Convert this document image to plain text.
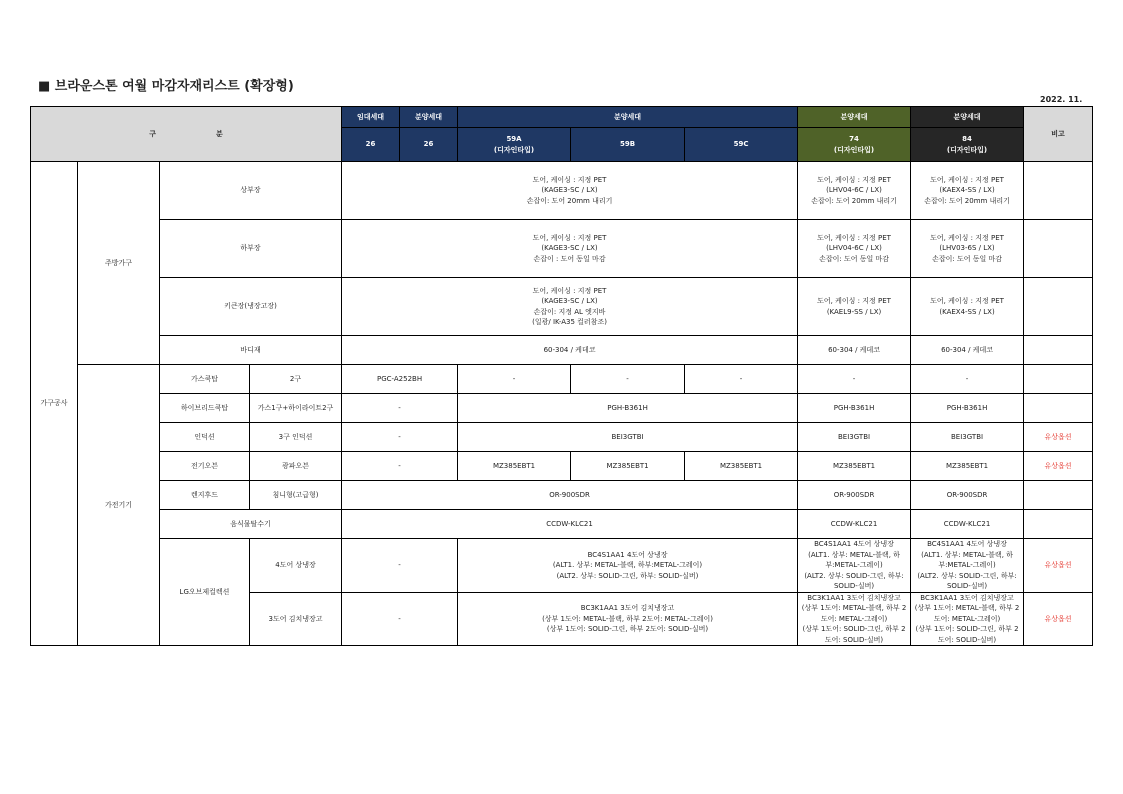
■ 브라운스톤 여월 마감자재리스트 (확장형)
2022. 11.
구분				임대세대	분양세대	분양세대			분양세대	분양세대	비고
				26	26	59A
(디자인타입)	59B	59C	74
(디자인타입)	84
(디자인타입)	
가구공사	주방가구	상부장		도어, 케이싱 : 지정 PET
(KAGE3-SC / LX)
손잡이: 도어 20mm 내리기					도어, 케이싱 : 지정 PET
(LHV04-6C / LX)
손잡이: 도어 20mm 내리기	도어, 케이싱 : 지정 PET
(KAEX4-SS / LX)
손잡이: 도어 20mm 내리기	
		하부장		도어, 케이싱 : 지정 PET
(KAGE3-SC / LX)
손잡이 : 도어 동일 마감					도어, 케이싱 : 지정 PET
(LHV04-6C / LX)
손잡이: 도어 동일 마감	도어, 케이싱 : 지정 PET
(LHV03-6S / LX)
손잡이: 도어 동일 마감	
		키큰장(냉장고장)		도어, 케이싱 : 지정 PET
(KAGE3-SC / LX)
손잡이: 지정 AL 엣지바
(일광/ IK-A35 컬러참조)					도어, 케이싱 : 지정 PET
(KAEL9-SS / LX)	도어, 케이싱 : 지정 PET
(KAEX4-SS / LX)	
		바디재		60-304 / 케데코					60-304 / 케데코	60-304 / 케데코	
	가전기기	가스쿡탑	2구	PGC-A252BH		-	-	-	-	-	
		하이브리드쿡탑	가스1구+하이라이트2구	-		PGH-B361H			PGH-B361H	PGH-B361H	
		인덕션	3구 인덕션	-		BEI3GTBI			BEI3GTBI	BEI3GTBI	유상옵션
		전기오븐	광파오븐	-		MZ385EBT1	MZ385EBT1	MZ385EBT1	MZ385EBT1	MZ385EBT1	유상옵션
		렌지후드	침니형(고급형)	OR-900SDR					OR-900SDR	OR-900SDR	
		음식물탈수기		CCDW-KLC21					CCDW-KLC21	CCDW-KLC21	
		LG오브제컬렉션	4도어 상냉장	-		BC4S1AA1 4도어 상냉장
(ALT1. 상부: METAL-블랙, 하부:METAL-그레이)
(ALT2. 상부: SOLID-그린, 하부: SOLID-실버)			BC4S1AA1 4도어 상냉장
(ALT1. 상부: METAL-블랙, 하
부:METAL-그레이)
(ALT2. 상부: SOLID-그린, 하부:
SOLID-실버)	BC4S1AA1 4도어 상냉장
(ALT1. 상부: METAL-블랙, 하
부:METAL-그레이)
(ALT2. 상부: SOLID-그린, 하부:
SOLID-실버)	유상옵션

			3도어 김치냉장고	-		BC3K1AA1 3도어 김치냉장고
(상부 1도어: METAL-블랙, 하부 2도어: METAL-그레이)
(상부 1도어: SOLID-그린, 하부 2도어: SOLID-실버)			BC3K1AA1 3도어 김치냉장고
(상부 1도어: METAL-블랙, 하부 2
도어: METAL-그레이)
(상부 1도어: SOLID-그린, 하부 2
도어: SOLID-실버)	BC3K1AA1 3도어 김치냉장고
(상부 1도어: METAL-블랙, 하부 2
도어: METAL-그레이)
(상부 1도어: SOLID-그린, 하부 2
도어: SOLID-실버)	유상옵션
